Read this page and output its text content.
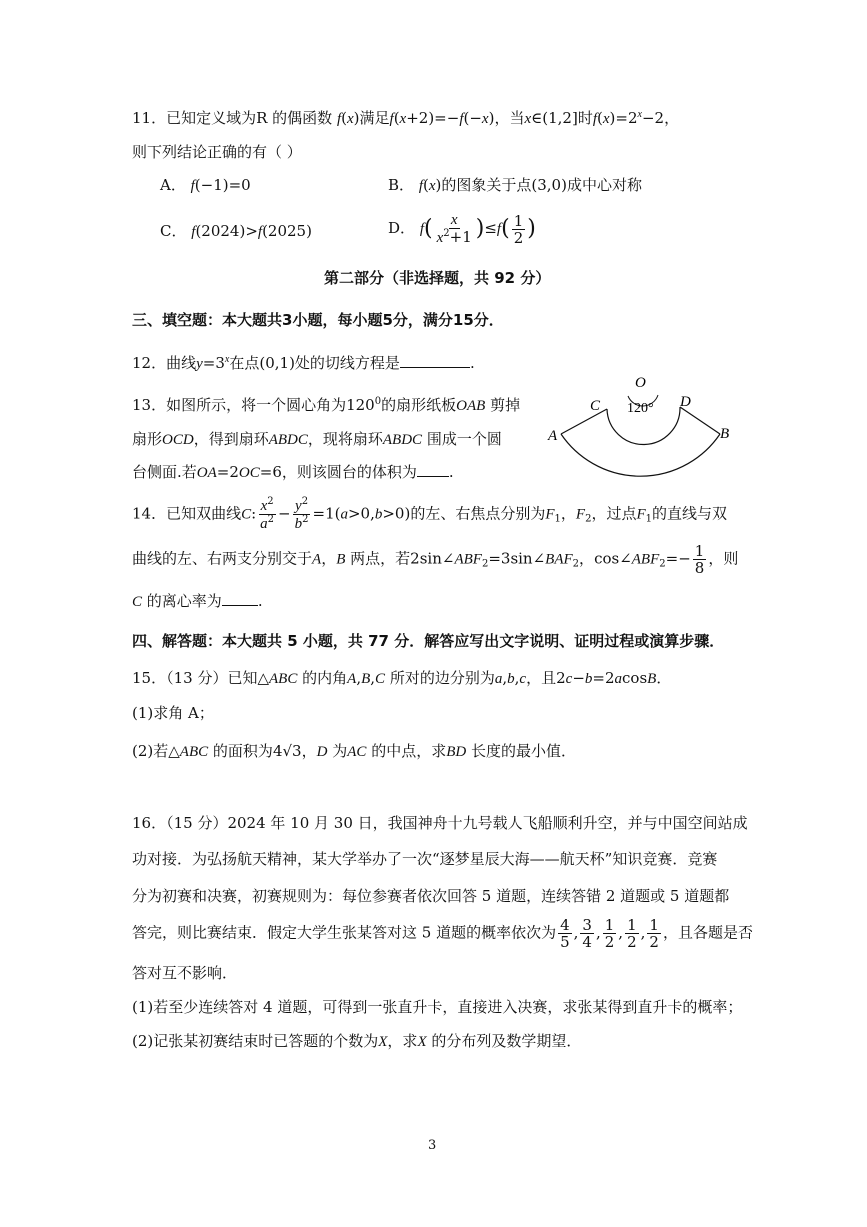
11．已知定义域为R 的偶函数 f(x)满足f(x+2)=−f(−x)，当x∈(1,2]时$f(x)=2^x-2$，
则下列结论正确的有（ ）
A． f(−1)=0	B． f(x)的图象关于点(3,0)成中心对称
C． f(2024)>f(2025)	D． $f( \frac{x}{x^2+1} )\le f( \frac{1}{2}$ )
第二部分（非选择题，共 92 分）
三、填空题：本大题共3小题，每小题5分，满分15分．
12．曲线$y=3^x$在点(0,1)处的切线方程是	.
13．如图所示，将一个圆心角为$120^0$的扇形纸板OAB 剪掉
扇形OCD，得到扇环ABDC，现将扇环ABDC 围成一个圆
台侧面.若OA=2OC=6，则该圆台的体积为 .
O
C	D
A	B
120°
14．已知双曲线C: $\frac{x^2}{a^2} - \frac{y^2}{b^2} =1(a>0,b>0)$的左、右焦点分别为$F_1$，$F_2$，过点$F_1$的直线与双
曲线的左、右两支分别交于A，B 两点，若$2\sin\angle ABF_2=3\sin\angle BAF_2$，$\cos\angle ABF_2=- \frac{1}{8}$ ，则
C 的离心率为 .
四、解答题：本大题共 5 小题，共 77 分．解答应写出文字说明、证明过程或演算步骤．
15．（13 分）已知△ABC 的内角A,B,C 所对的边分别为a,b,c，且2c−b=2acosB．
(1)求角 A；
(2)若△ABC 的面积为4√3，D 为AC 的中点，求BD 长度的最小值．
16．（15 分）2024 年 10 月 30 日，我国神舟十九号载人飞船顺利升空，并与中国空间站成
功对接．为弘扬航天精神，某大学举办了一次“逐梦星辰大海——航天杯”知识竞赛．竞赛
分为初赛和决赛，初赛规则为：每位参赛者依次回答 5 道题，连续答错 2 道题或 5 道题都
答完，则比赛结束．假定大学生张某答对这 5 道题的概率依次为 $\frac{4}{5}$ , $\frac{3}{4}$ , $\frac{1}{2}$ , $\frac{1}{2}$ , $\frac{1}{2}$ ，且各题是否
答对互不影响．
(1)若至少连续答对 4 道题，可得到一张直升卡，直接进入决赛，求张某得到直升卡的概率；
(2)记张某初赛结束时已答题的个数为X，求X 的分布列及数学期望．
3
